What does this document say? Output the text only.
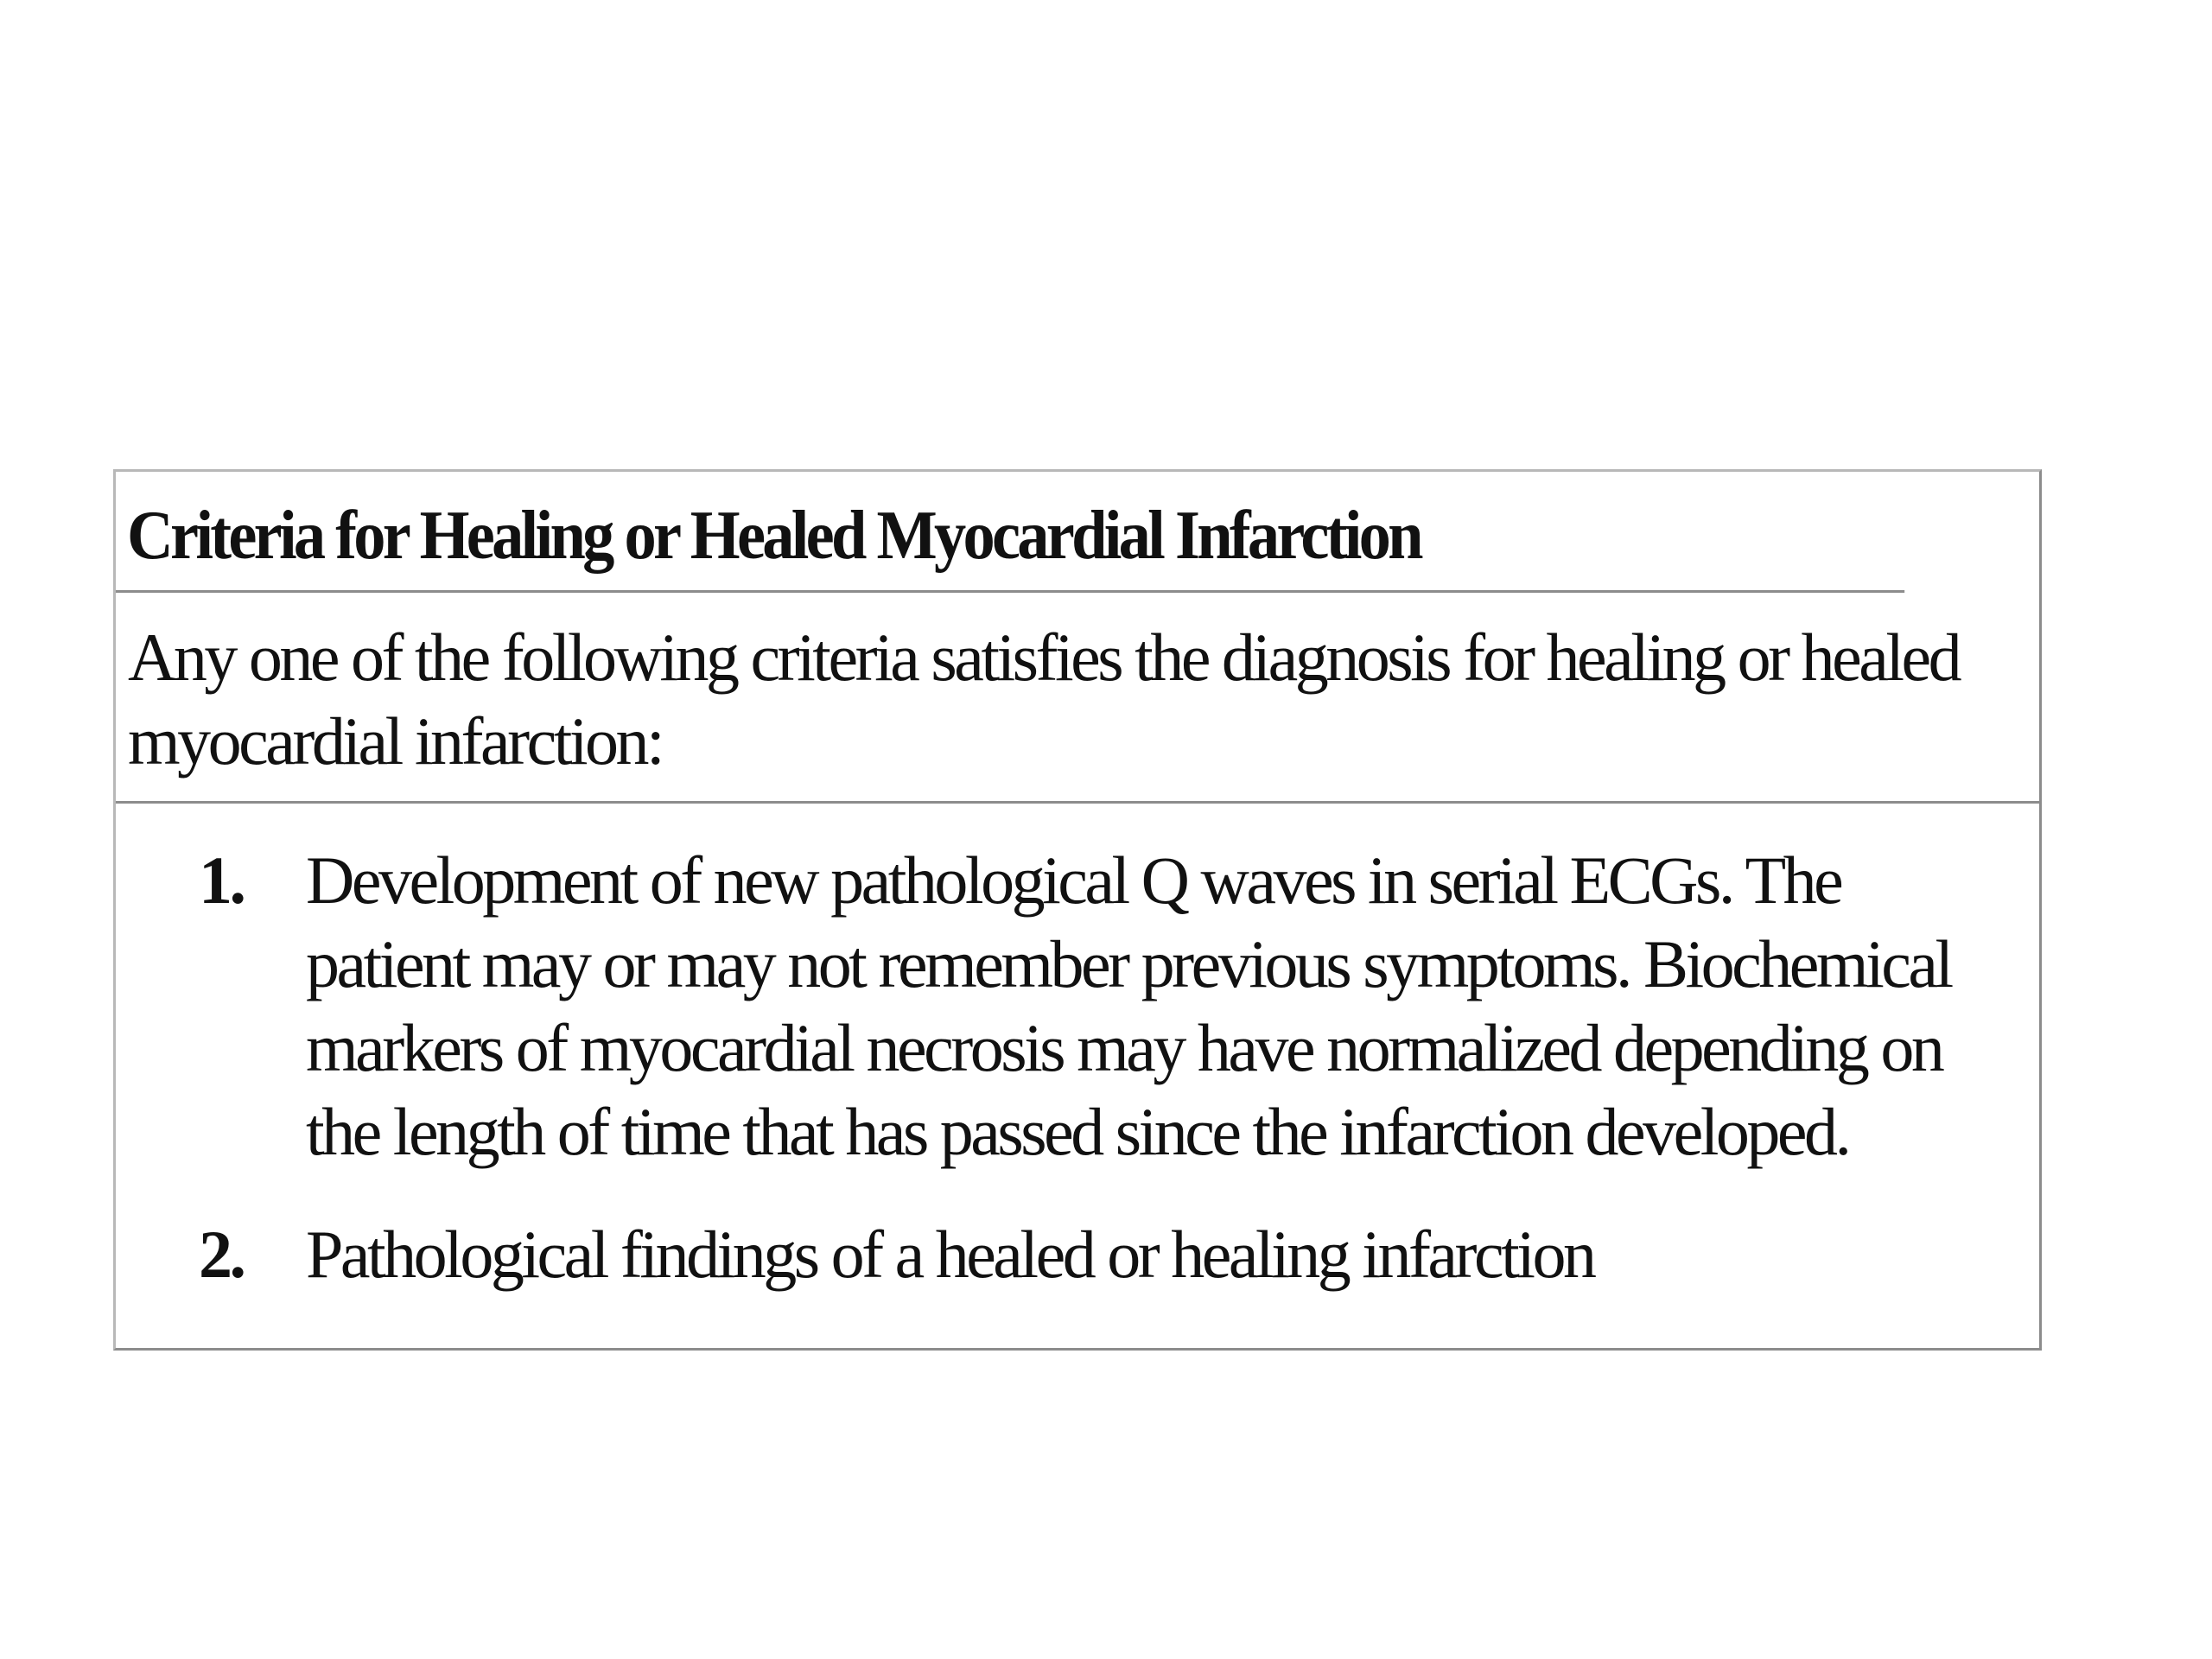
Criteria for Healing or Healed Myocardial Infarction
Any one of the following criteria satisfies the diagnosis for healing or healed myocardial infarction:
1. Development of new pathological Q waves in serial ECGs. The patient may or may not remember previous symptoms. Biochemical markers of myocardial necrosis may have normalized depending on the length of time that has passed since the infarction developed.
2. Pathological findings of a healed or healing infarction
